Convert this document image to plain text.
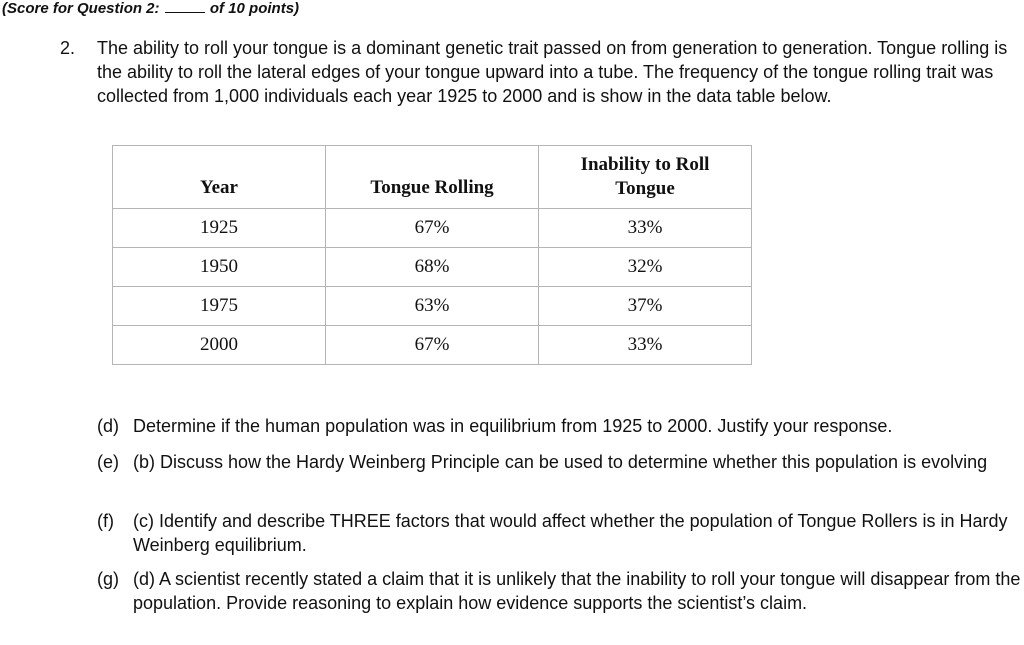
(Score for Question 2:	of 10 points)
2. The ability to roll your tongue is a dominant genetic trait passed on from generation to generation. Tongue rolling is the ability to roll the lateral edges of your tongue upward into a tube. The frequency of the tongue rolling trait was collected from 1,000 individuals each year 1925 to 2000 and is show in the data table below.
Year	Tongue Rolling	Inability to Roll Tongue
1925	67%	33%
1950	68%	32%
1975	63%	37%
2000	67%	33%
(d) Determine if the human population was in equilibrium from 1925 to 2000. Justify your response.
(e) (b) Discuss how the Hardy Weinberg Principle can be used to determine whether this population is evolving
(f) (c) Identify and describe THREE factors that would affect whether the population of Tongue Rollers is in Hardy Weinberg equilibrium.
(g) (d) A scientist recently stated a claim that it is unlikely that the inability to roll your tongue will disappear from the population. Provide reasoning to explain how evidence supports the scientist’s claim.
